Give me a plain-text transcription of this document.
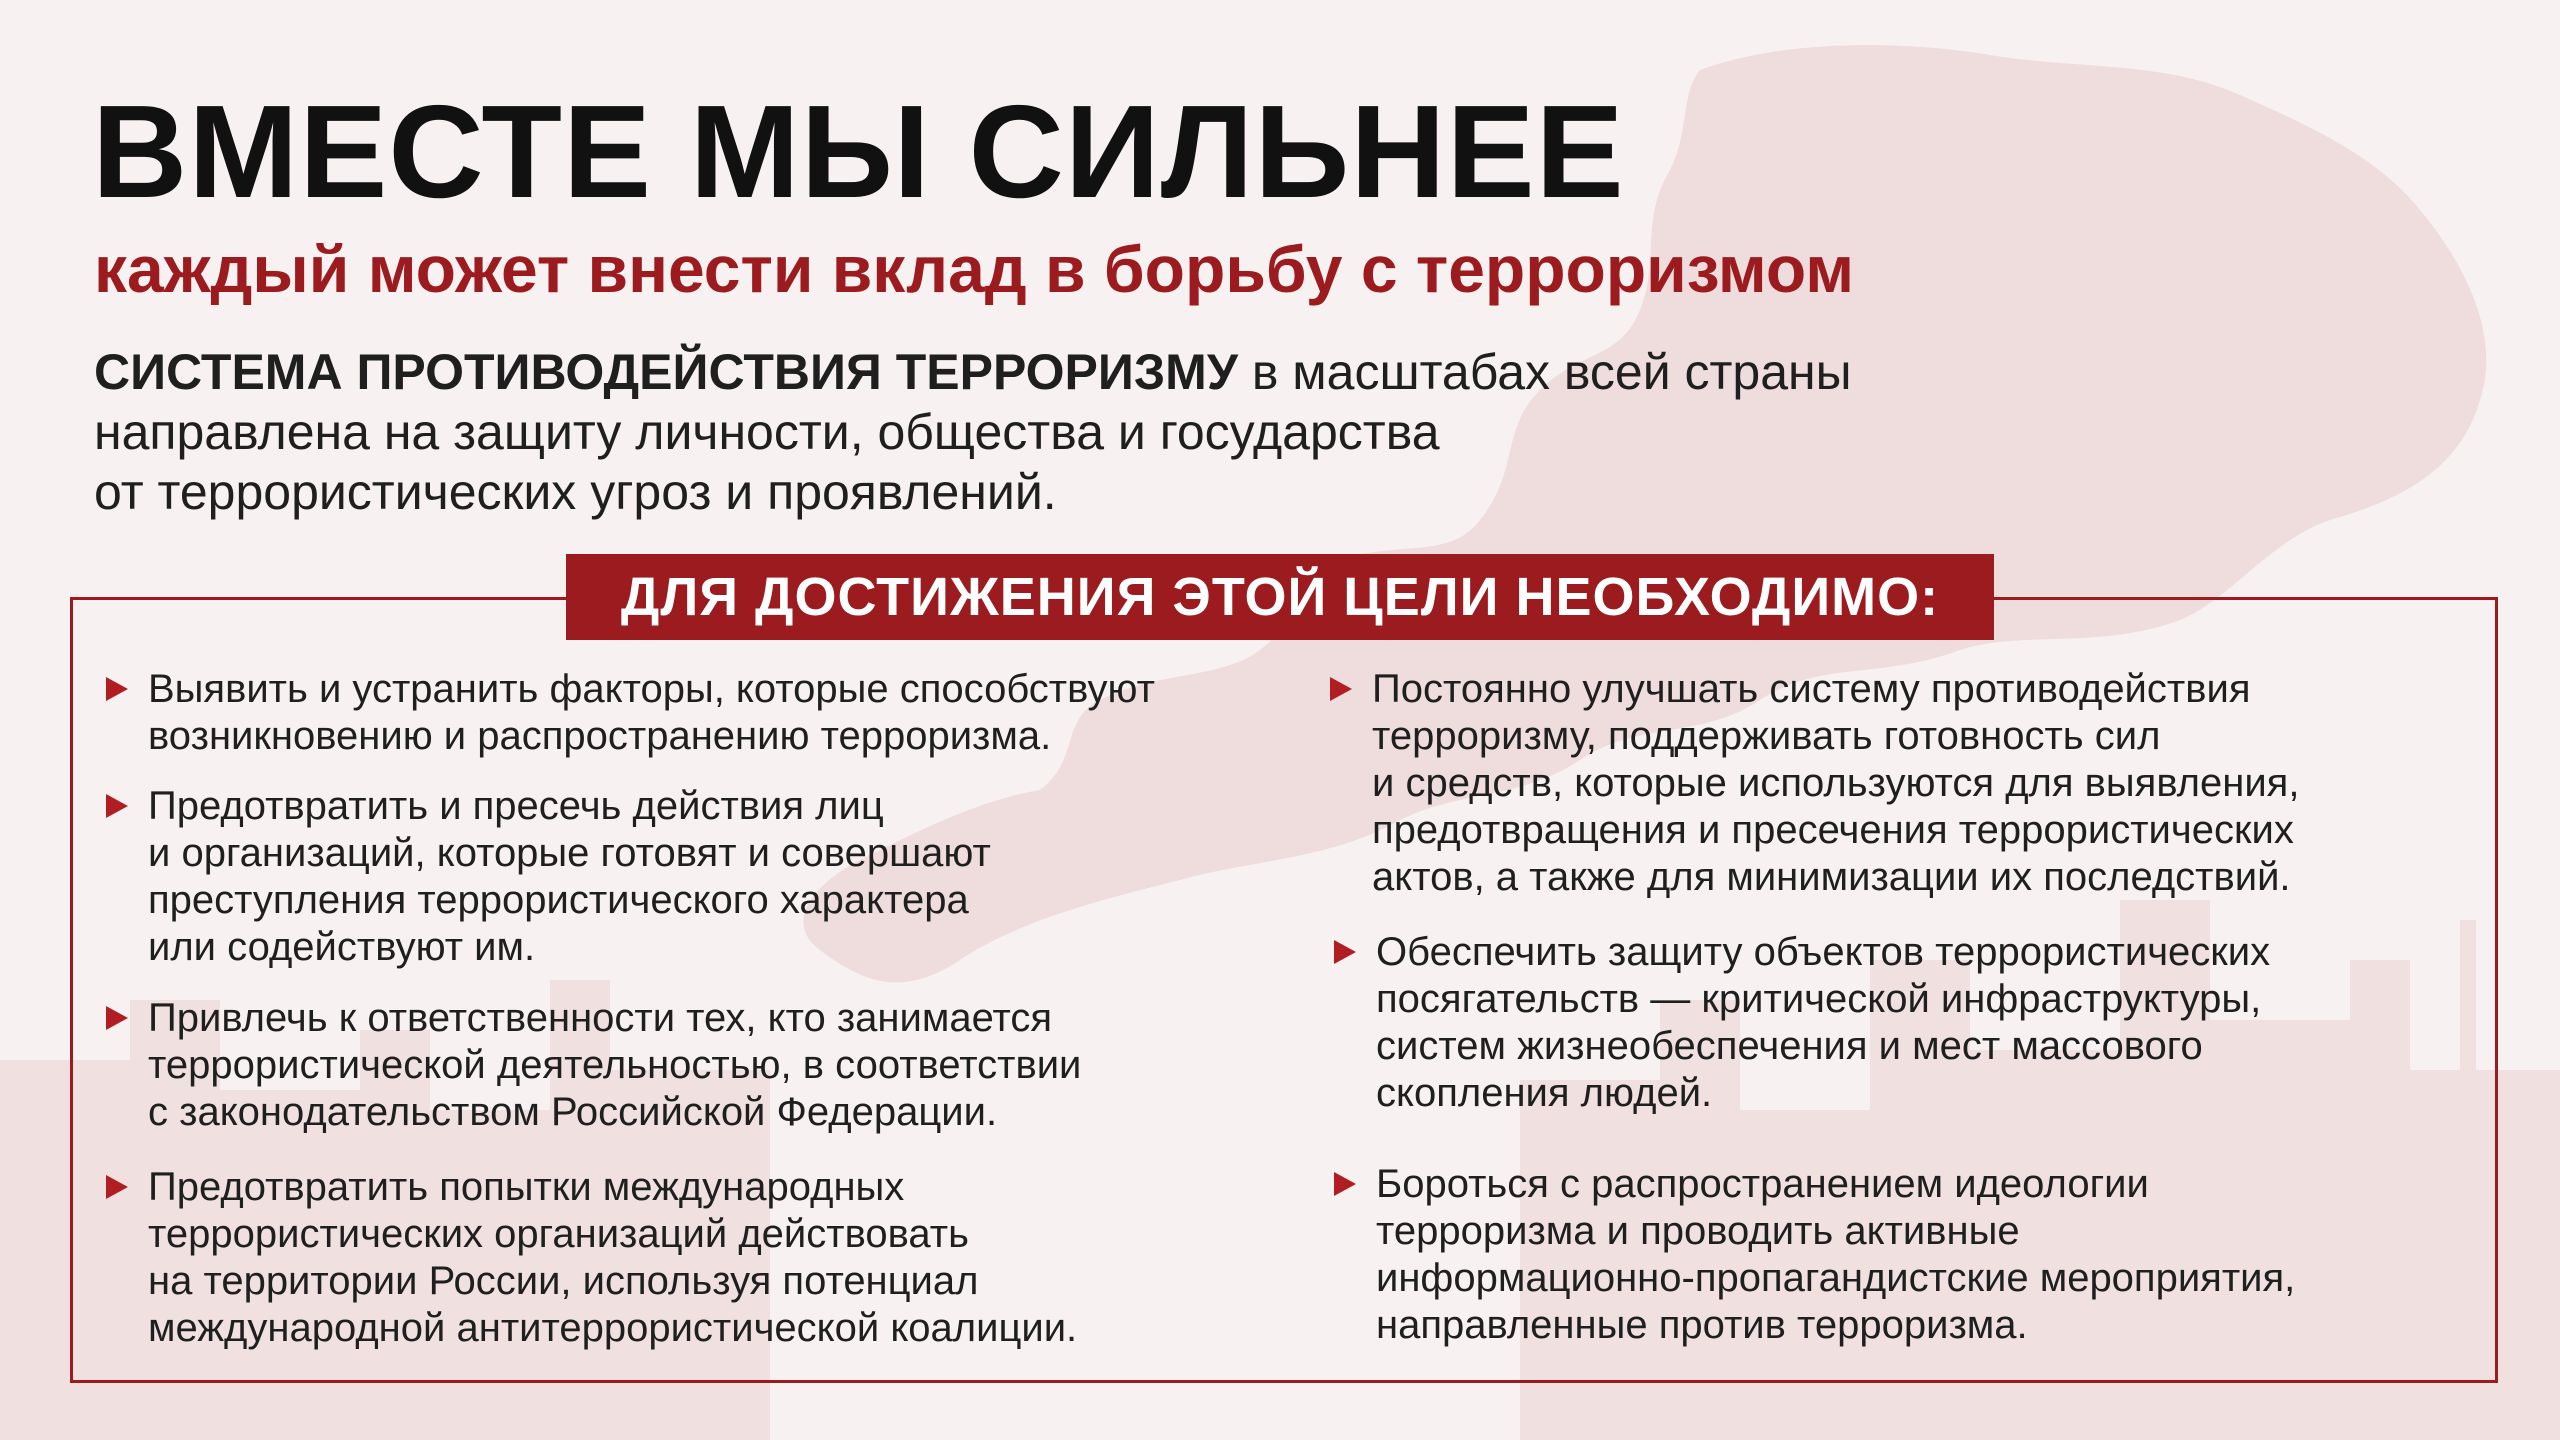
ВМЕСТЕ МЫ СИЛЬНЕЕ
каждый может внести вклад в борьбу с терроризмом

СИСТЕМА ПРОТИВОДЕЙСТВИЯ ТЕРРОРИЗМУ в масштабах всей страны
направлена на защиту личности, общества и государства
от террористических угроз и проявлений.

ДЛЯ ДОСТИЖЕНИЯ ЭТОЙ ЦЕЛИ НЕОБХОДИМО:
Выявить и устранить факторы, которые способствуют
возникновению и распространению терроризма.
Предотвратить и пресечь действия лиц
и организаций, которые готовят и совершают
преступления террористического характера
или содействуют им.
Привлечь к ответственности тех, кто занимается
террористической деятельностью, в соответствии
с законодательством Российской Федерации.
Предотвратить попытки международных
террористических организаций действовать
на территории России, используя потенциал
международной антитеррористической коалиции.
Постоянно улучшать систему противодействия
терроризму, поддерживать готовность сил
и средств, которые используются для выявления,
предотвращения и пресечения террористических
актов, а также для минимизации их последствий.
Обеспечить защиту объектов террористических
посягательств — критической инфраструктуры,
систем жизнеобеспечения и мест массового
скопления людей.
Бороться с распространением идеологии
терроризма и проводить активные
информационно-пропагандистские мероприятия,
направленные против терроризма.
